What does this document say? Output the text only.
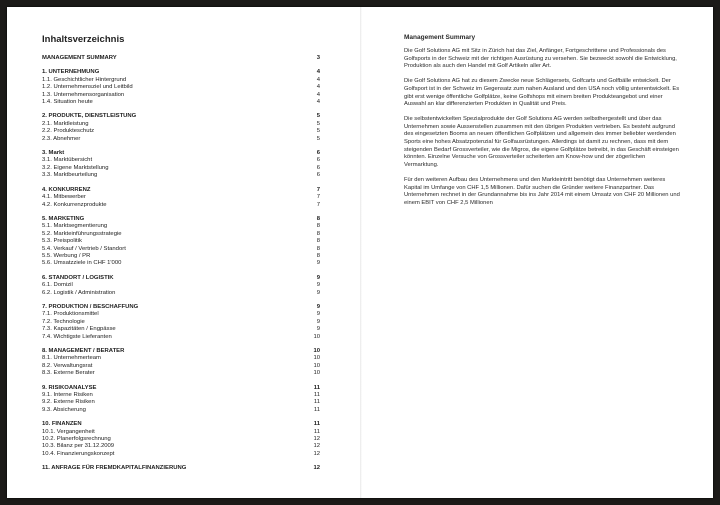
Inhaltsverzeichnis
MANAGEMENT SUMMARY	3
1. UNTERNEHMUNG	4
1.1. Geschichtlicher Hintergrund	4
1.2. Unternehmensziel und Leitbild	4
1.3. Unternehmensorganisation	4
1.4. Situation heute	4
2. PRODUKTE, DIENSTLEISTUNG	5
2.1. Marktleistung	5
2.2. Produkteschutz	5
2.3. Abnehmer	5
3. Markt	6
3.1. Marktübersicht	6
3.2. Eigene Marktstellung	6
3.3. Marktbeurteilung	6
4. KONKURRENZ	7
4.1. Mitbewerber	7
4.2. Konkurrenzprodukte	7
5. MARKETING	8
5.1. Marktsegmentierung	8
5.2. Markteinführungsstrategie	8
5.3. Preispolitik	8
5.4. Verkauf / Vertrieb / Standort	8
5.5. Werbung / PR	8
5.6. Umsatzziele in CHF 1'000	9
6. STANDORT / LOGISTIK	9
6.1. Domizil	9
6.2. Logistik / Administration	9
7. PRODUKTION / BESCHAFFUNG	9
7.1. Produktionsmittel	9
7.2. Technologie	9
7.3. Kapazitäten / Engpässe	9
7.4. Wichtigste Lieferanten	10
8. MANAGEMENT / BERATER	10
8.1. Unternehmerteam	10
8.2. Verwaltungsrat	10
8.3. Externe Berater	10
9. RISIKOANALYSE	11
9.1. Interne Risiken	11
9.2. Externe Risiken	11
9.3. Absicherung	11
10. FINANZEN	11
10.1. Vergangenheit	11
10.2. Planerfolgsrechnung	12
10.3. Bilanz per 31.12.2009	12
10.4. Finanzierungskonzept	12
11. ANFRAGE FÜR FREMDKAPITALFINANZIERUNG	12
Management Summary

Die Golf Solutions AG mit Sitz in Zürich hat das Ziel, Anfänger, Fortgeschrittene und Professionals des Golfsports in der Schweiz mit der richtigen Ausrüstung zu versehen. Sie bezweckt sowohl die Entwicklung, Produktion als auch den Handel mit Golf Artikeln aller Art.

Die Golf Solutions AG hat zu diesem Zwecke neue Schlägersets, Golfcarts und Golfbälle entwickelt. Der Golfsport ist in der Schweiz im Gegensatz zum nahen Ausland und den USA noch völlig unterentwickelt. Es gibt erst wenige öffentliche Golfplätze, keine Golfshops mit einem breiten Produkteangebot und einer Auswahl an klar differenzierten Produkten in Qualität und Preis.

Die selbstentwickelten Spezialprodukte der Golf Solutions AG werden selbsthergestellt und über das Unternehmen sowie Aussenstellen zusammen mit den übrigen Produkten vertrieben. Es besteht aufgrund des eingesetzten Booms an neuen öffentlichen Golfplätzen und allgemein des immer beliebter werdenden Sports eine hohes Absatzpotenzial für Golfausrüstungen. Allerdings ist damit zu rechnen, dass mit dem steigenden Bedarf Grossverteiler, wie die Migros, die eigene Golfplätze betreibt, in das Geschäft einsteigen könnten. Einzelne Versuche von Grossverteiler scheiterten am Know-how und der zögerlichen Vermarktung.

Für den weiteren Aufbau des Unternehmens und den Markteintritt benötigt das Unternehmen weiteres Kapital im Umfange von CHF 1,5 Millionen. Dafür suchen die Gründer weitere Finanzpartner. Das Unternehmen rechnet in der Grundannahme bis ins Jahr 2014 mit einem Umsatz von CHF 20 Millionen und einem EBIT von CHF 2,5 Millionen
